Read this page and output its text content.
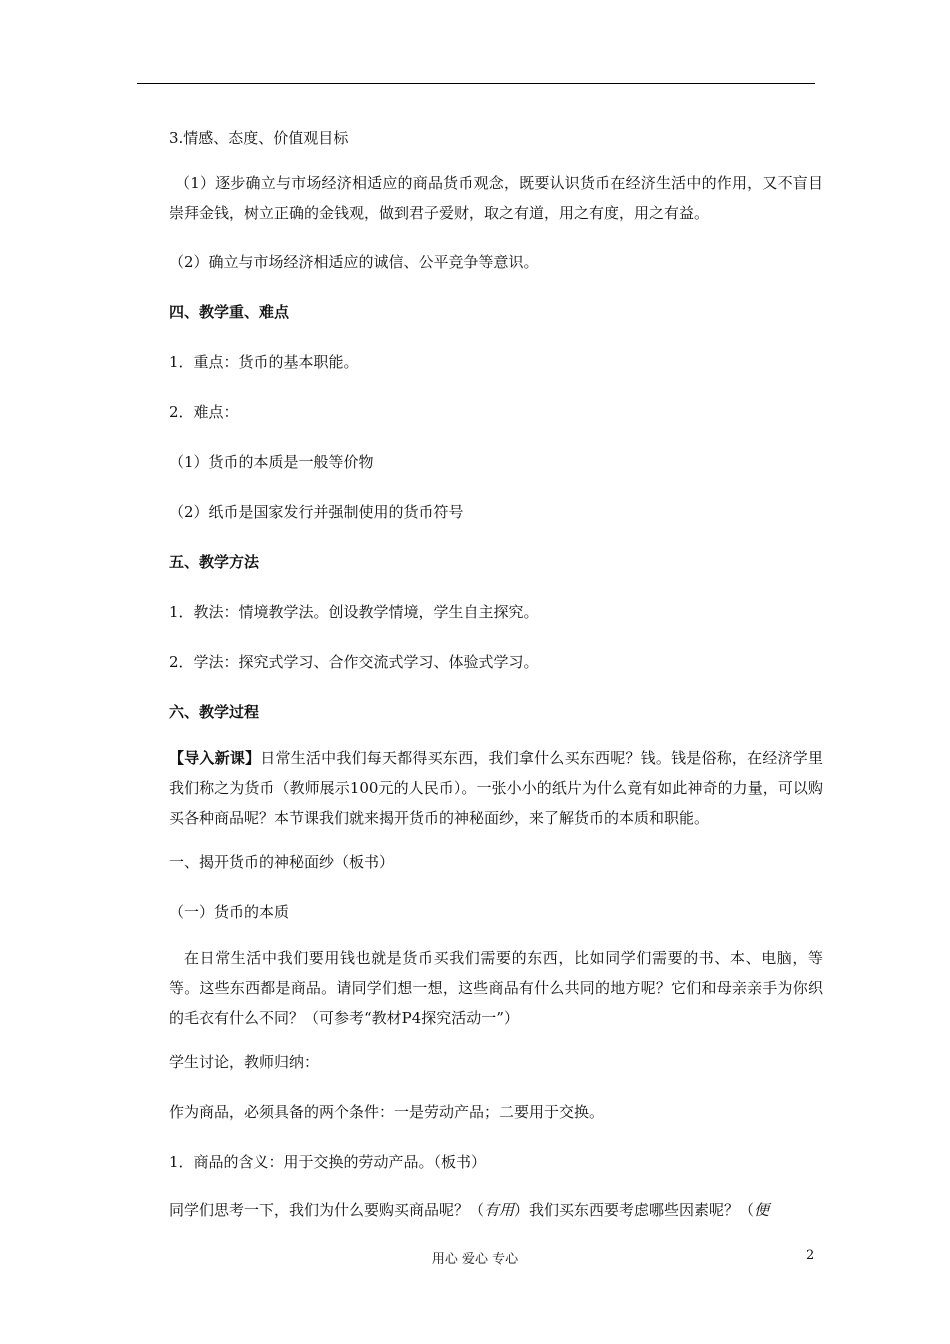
3.情感、态度、价值观目标
（1）逐步确立与市场经济相适应的商品货币观念，既要认识货币在经济生活中的作用，又不盲目崇拜金钱，树立正确的金钱观，做到君子爱财，取之有道，用之有度，用之有益。
（2）确立与市场经济相适应的诚信、公平竞争等意识。
四、教学重、难点
1．重点：货币的基本职能。
2．难点：
（1）货币的本质是一般等价物
（2）纸币是国家发行并强制使用的货币符号
五、教学方法
1．教法：情境教学法。创设教学情境，学生自主探究。
2．学法：探究式学习、合作交流式学习、体验式学习。
六、教学过程
【导入新课】日常生活中我们每天都得买东西，我们拿什么买东西呢？钱。钱是俗称，在经济学里我们称之为货币（教师展示100元的人民币）。一张小小的纸片为什么竟有如此神奇的力量，可以购买各种商品呢？本节课我们就来揭开货币的神秘面纱，来了解货币的本质和职能。
一、揭开货币的神秘面纱（板书）
（一）货币的本质
在日常生活中我们要用钱也就是货币买我们需要的东西，比如同学们需要的书、本、电脑，等等。这些东西都是商品。请同学们想一想，这些商品有什么共同的地方呢？它们和母亲亲手为你织的毛衣有什么不同？（可参考“教材P4探究活动一”）
学生讨论，教师归纳：
作为商品，必须具备的两个条件：一是劳动产品；二要用于交换。
1．商品的含义：用于交换的劳动产品。（板书）
同学们思考一下，我们为什么要购买商品呢？（有用）我们买东西要考虑哪些因素呢？（便
用心 爱心 专心	2
